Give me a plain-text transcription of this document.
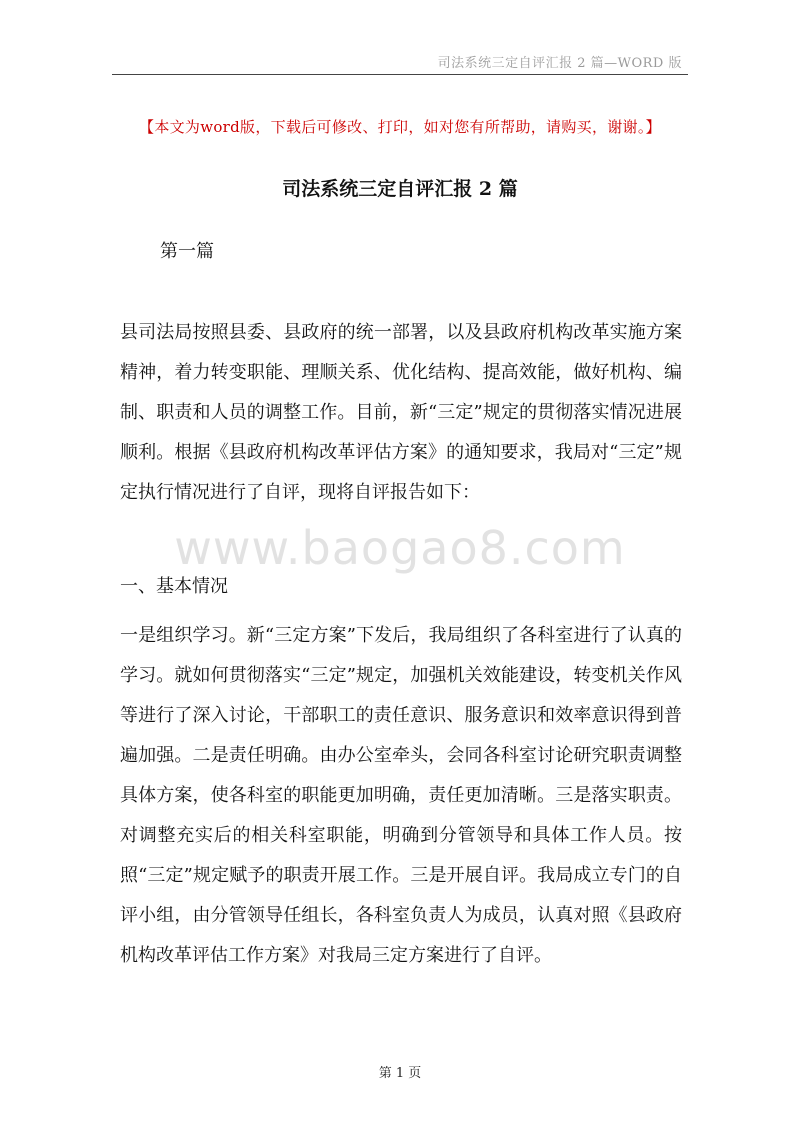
司法系统三定自评汇报 2 篇—WORD 版
【本文为word版，下载后可修改、打印，如对您有所帮助，请购买，谢谢。】
司法系统三定自评汇报 2 篇
第一篇

县司法局按照县委、县政府的统一部署，以及县政府机构改革实施方案精神，着力转变职能、理顺关系、优化结构、提高效能，做好机构、编制、职责和人员的调整工作。目前，新“三定”规定的贯彻落实情况进展顺利。根据《县政府机构改革评估方案》的通知要求，我局对“三定”规定执行情况进行了自评，现将自评报告如下：

www.baogao8.com
一、基本情况

一是组织学习。新“三定方案”下发后，我局组织了各科室进行了认真的学习。就如何贯彻落实“三定”规定，加强机关效能建设，转变机关作风等进行了深入讨论，干部职工的责任意识、服务意识和效率意识得到普遍加强。二是责任明确。由办公室牵头，会同各科室讨论研究职责调整具体方案，使各科室的职能更加明确，责任更加清晰。三是落实职责。对调整充实后的相关科室职能，明确到分管领导和具体工作人员。按照“三定”规定赋予的职责开展工作。三是开展自评。我局成立专门的自评小组，由分管领导任组长，各科室负责人为成员，认真对照《县政府机构改革评估工作方案》对我局三定方案进行了自评。

第 1 页
